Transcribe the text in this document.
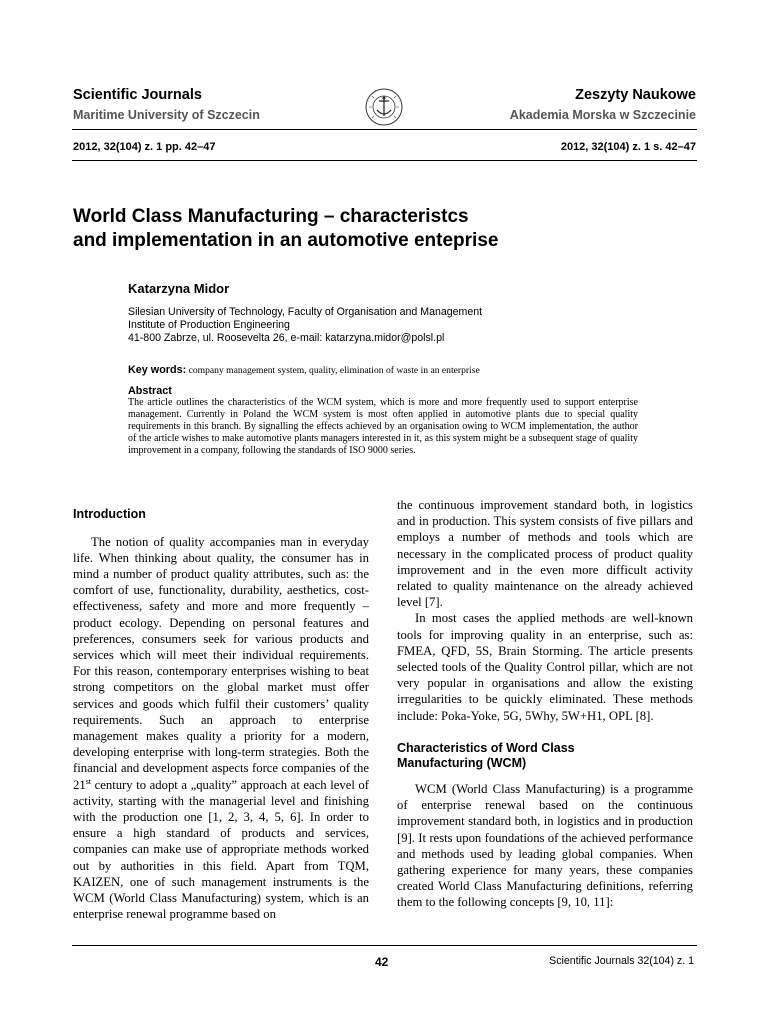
Scientific Journals
Maritime University of Szczecin
Zeszyty Naukowe
Akademia Morska w Szczecinie
2012, 32(104) z. 1 pp. 42–47	2012, 32(104) z. 1 s. 42–47
World Class Manufacturing – characteristcs
and implementation in an automotive enteprise
Katarzyna Midor
Silesian University of Technology, Faculty of Organisation and Management
Institute of Production Engineering
41-800 Zabrze, ul. Roosevelta 26, e-mail: katarzyna.midor@polsl.pl
Key words: company management system, quality, elimination of waste in an enterprise
Abstract
The article outlines the characteristics of the WCM system, which is more and more frequently used to support enterprise management. Currently in Poland the WCM system is most often applied in automotive plants due to special quality requirements in this branch. By signalling the effects achieved by an organisation owing to WCM implementation, the author of the article wishes to make automotive plants managers interested in it, as this system might be a subsequent stage of quality improvement in a company, following the standards of ISO 9000 series.
Introduction

The notion of quality accompanies man in everyday life. When thinking about quality, the consumer has in mind a number of product quality attributes, such as: the comfort of use, functionality, durability, aesthetics, cost-effectiveness, safety and more and more frequently – product ecology. Depending on personal features and preferences, consumers seek for various products and services which will meet their individual requirements. For this reason, contemporary enterprises wishing to beat strong competitors on the global market must offer services and goods which fulfil their customers’ quality requirements. Such an approach to enterprise management makes quality a priority for a modern, developing enterprise with long-term strategies. Both the financial and development aspects force companies of the 21st century to adopt a „quality” approach at each level of activity, starting with the managerial level and finishing with the production one [1, 2, 3, 4, 5, 6]. In order to ensure a high standard of products and services, companies can make use of appropriate methods worked out by authorities in this field. Apart from TQM, KAIZEN, one of such management instruments is the WCM (World Class Manufacturing) system, which is an enterprise renewal programme based on

the continuous improvement standard both, in logistics and in production. This system consists of five pillars and employs a number of methods and tools which are necessary in the complicated process of product quality improvement and in the even more difficult activity related to quality maintenance on the already achieved level [7].

In most cases the applied methods are well-known tools for improving quality in an enterprise, such as: FMEA, QFD, 5S, Brain Storming. The article presents selected tools of the Quality Control pillar, which are not very popular in organisations and allow the existing irregularities to be quickly eliminated. These methods include: Poka-Yoke, 5G, 5Why, 5W+H1, OPL [8].

Characteristics of Word Class
Manufacturing (WCM)

WCM (World Class Manufacturing) is a programme of enterprise renewal based on the continuous improvement standard both, in logistics and in production [9]. It rests upon foundations of the achieved performance and methods used by leading global companies. When gathering experience for many years, these companies created World Class Manufacturing definitions, referring them to the following concepts [9, 10, 11]:

42	Scientific Journals 32(104) z. 1
